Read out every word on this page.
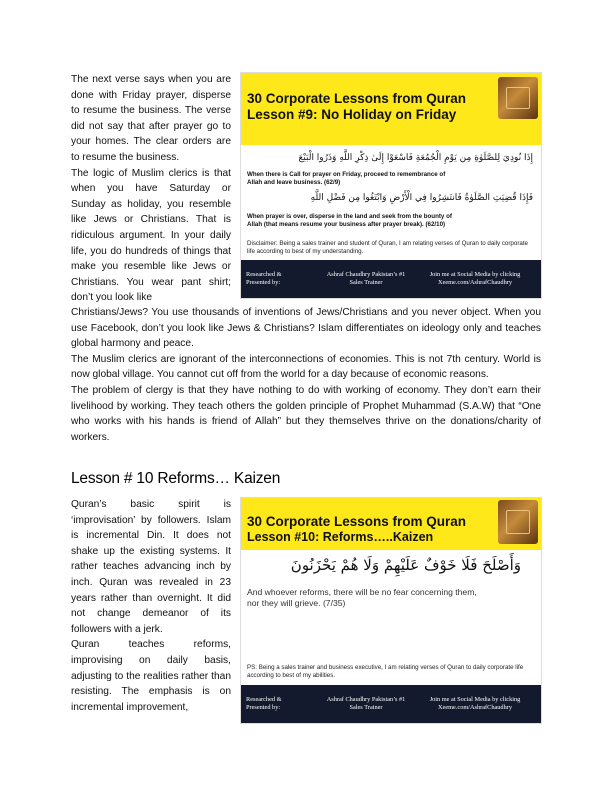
The next verse says when you are done with Friday prayer, disperse to resume the business. The verse did not say that after prayer go to your homes. The clear orders are to resume the business.

The logic of Muslim clerics is that when you have Saturday or Sunday as holiday, you resemble like Jews or Christians. That is ridiculous argument. In your daily life, you do hundreds of things that make you resemble like Jews or Christians. You wear pant shirt; don’t you look like

30 Corporate Lessons from Quran
Lesson #9: No Holiday on Friday
إِذَا نُودِيَ لِلصَّلَوٰةِ مِن يَوْمِ الْجُمُعَةِ فَاسْعَوْا إِلَىٰ ذِكْرِ اللَّهِ وَذَرُوا الْبَيْعَ
When there is Call for prayer on Friday, proceed to remembrance of Allah and leave business. (62/9)
فَإِذَا قُضِيَتِ الصَّلَوٰةُ فَانتَشِرُوا فِي الْأَرْضِ وَابْتَغُوا مِن فَضْلِ اللَّهِ
When prayer is over, disperse in the land and seek from the bounty of Allah (that means resume your business after prayer break). (62/10)
Disclaimer: Being a sales trainer and student of Quran, I am relating verses of Quran to daily corporate life according to best of my understanding.
Researched & Presented by:
Ashraf Chaudhry Pakistan’s #1 Sales Trainer
Join me at Social Media by clicking Xeeme.com/AshrafChaudhry

Christians/Jews? You use thousands of inventions of Jews/Christians and you never object. When you use Facebook, don’t you look like Jews & Christians? Islam differentiates on ideology only and teaches global harmony and peace.

The Muslim clerics are ignorant of the interconnections of economies. This is not 7th century. World is now global village. You cannot cut off from the world for a day because of economic reasons.

The problem of clergy is that they have nothing to do with working of economy. They don’t earn their livelihood by working. They teach others the golden principle of Prophet Muhammad (S.A.W) that “One who works with his hands is friend of Allah” but they themselves thrive on the donations/charity of workers.

Lesson # 10 Reforms… Kaizen

Quran’s basic spirit is ‘improvisation’ by followers. Islam is incremental Din. It does not shake up the existing systems. It rather teaches advancing inch by inch. Quran was revealed in 23 years rather than overnight. It did not change demeanor of its followers with a jerk.

Quran teaches reforms, improvising on daily basis, adjusting to the realities rather than resisting. The emphasis is on incremental improvement,

30 Corporate Lessons from Quran
Lesson #10: Reforms…..Kaizen
وَأَصْلَحَ فَلَا خَوْفٌ عَلَيْهِمْ وَلَا هُمْ يَحْزَنُونَ
And whoever reforms, there will be no fear concerning them, nor they will grieve. (7/35)
PS: Being a sales trainer and business executive, I am relating verses of Quran to daily corporate life according to best of my abilities.
Researched & Presented by:
Ashraf Chaudhry Pakistan’s #1 Sales Trainer
Join me at Social Media by clicking Xeeme.com/AshrafChaudhry
